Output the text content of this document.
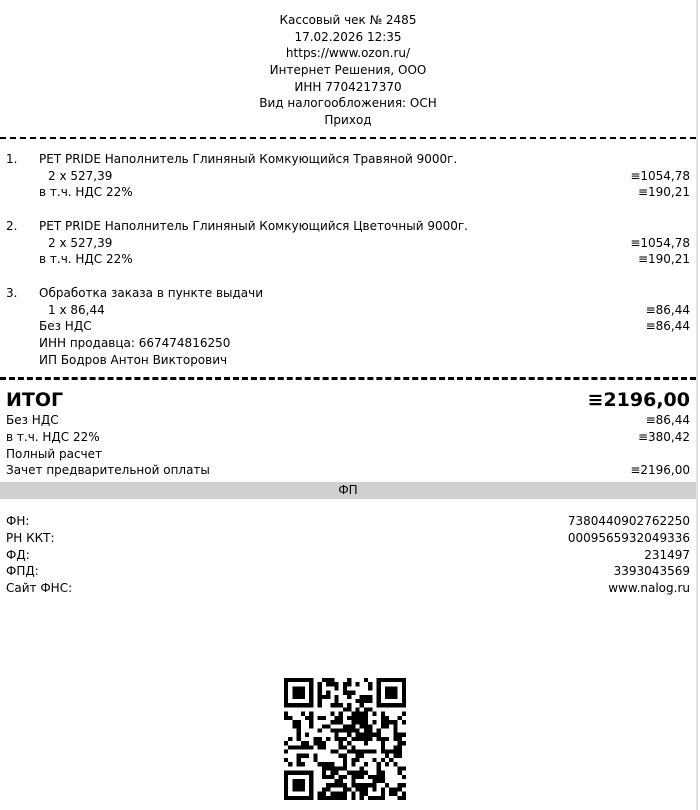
Кассовый чек № 2485
17.02.2026 12:35
https://www.ozon.ru/
Интернет Решения, ООО
ИНН 7704217370
Вид налогообложения: ОСН
Приход
1. PET PRIDE Наполнитель Глиняный Комкующийся Травяной 9000г.
2 x 527,39	≡1054,78
в т.ч. НДС 22%	≡190,21
2. PET PRIDE Наполнитель Глиняный Комкующийся Цветочный 9000г.
2 x 527,39	≡1054,78
в т.ч. НДС 22%	≡190,21
3. Обработка заказа в пункте выдачи
1 x 86,44	≡86,44
Без НДС	≡86,44
ИНН продавца: 667474816250
ИП Бодров Антон Викторович
ИТОГ	≡2196,00
Без НДС	≡86,44
в т.ч. НДС 22%	≡380,42
Полный расчет
Зачет предварительной оплаты	≡2196,00
ФП
ФН:	7380440902762250
РН ККТ:	0009565932049336
ФД:	231497
ФПД:	3393043569
Сайт ФНС:	www.nalog.ru
